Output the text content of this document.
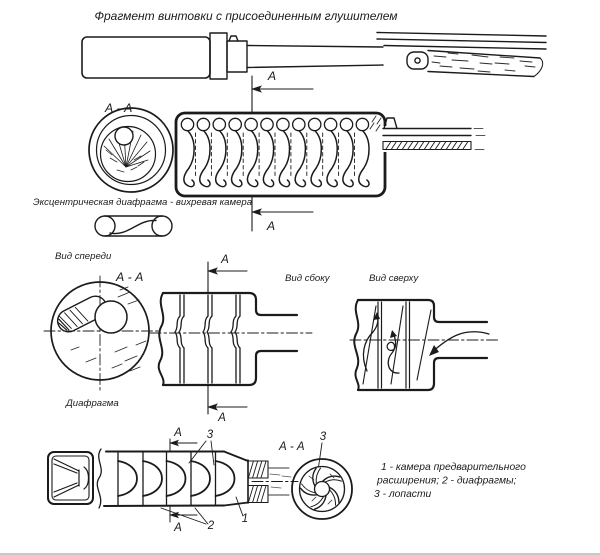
Фрагмент винтовки с присоединенным глушителем
А
А - А
А
Эксцентрическая диафрагма - вихревая камера
Вид спереди
А - А
Диафрагма
Вид сбоку
А
А
Вид сверху
А
А
3
2
1
А - А
3
1 - камера предварительного
расширения; 2 - диафрагмы;
3 - лопасти
